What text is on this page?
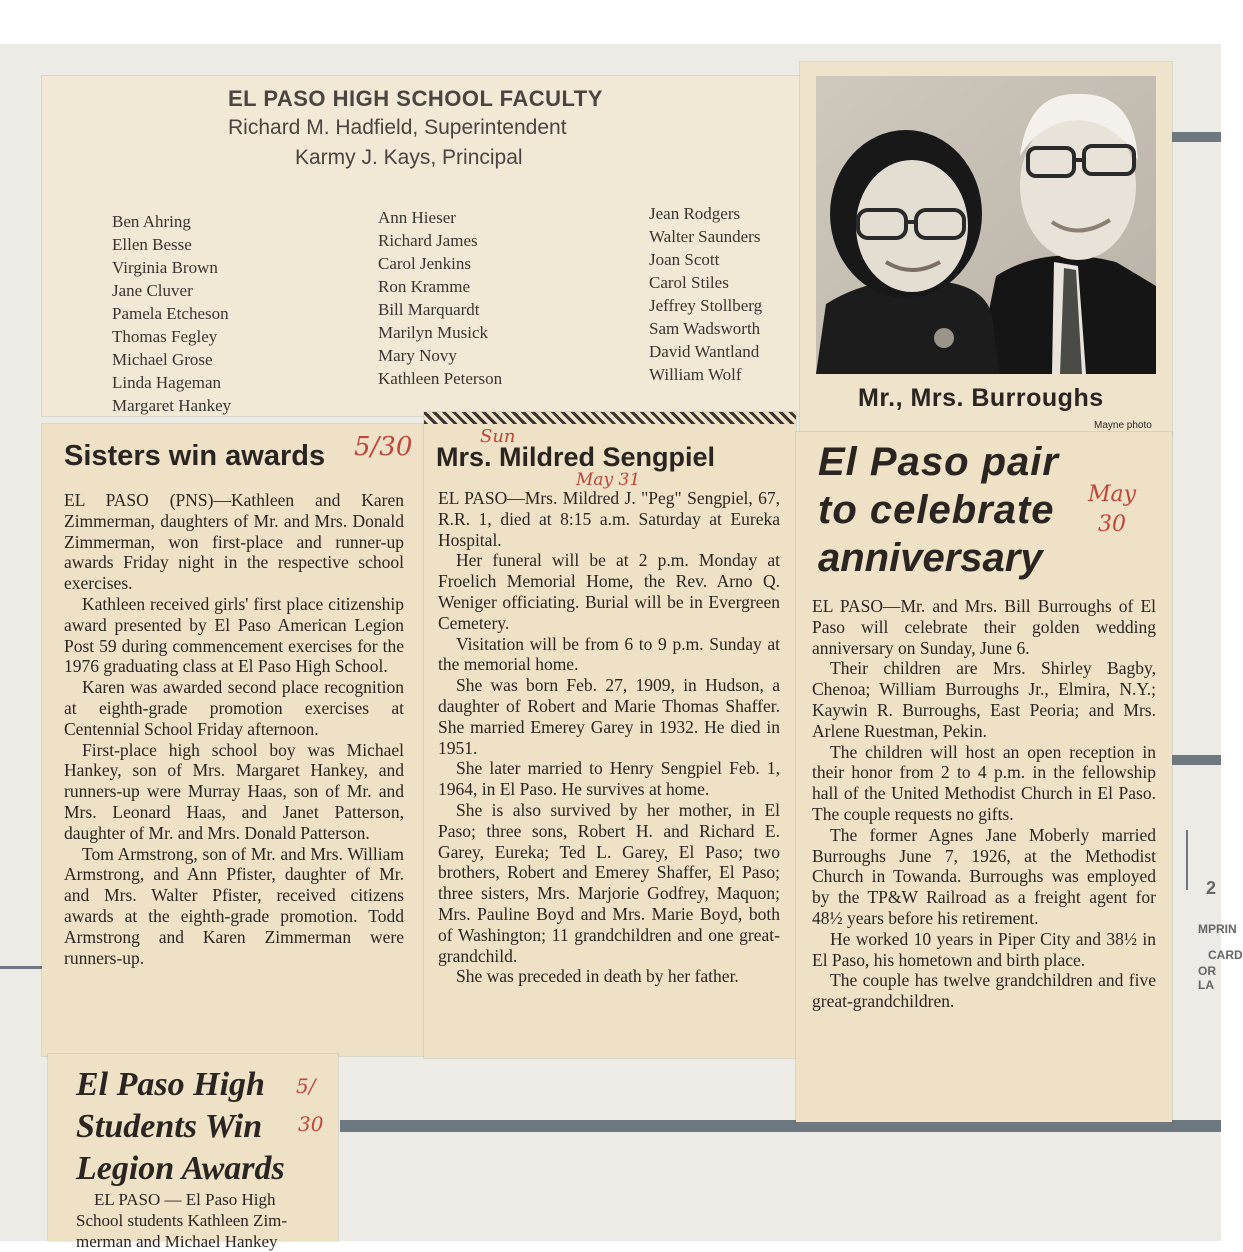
2
MPRIN
CARD
OR LA
EL PASO HIGH SCHOOL FACULTY
Richard M. Hadfield, Superintendent
Karmy J. Kays, Principal
Ben Ahring
Ellen Besse
Virginia Brown
Jane Cluver
Pamela Etcheson
Thomas Fegley
Michael Grose
Linda Hageman
Margaret Hankey
Ann Hieser
Richard James
Carol Jenkins
Ron Kramme
Bill Marquardt
Marilyn Musick
Mary Novy
Kathleen Peterson
Jean Rodgers
Walter Saunders
Joan Scott
Carol Stiles
Jeffrey Stollberg
Sam Wadsworth
David Wantland
William Wolf
Mr., Mrs. Burroughs
Mayne photo
Sisters win awards 5/30
EL PASO (PNS)—Kathleen and Karen Zimmerman, daughters of Mr. and Mrs. Donald Zimmerman, won first-place and runner-up awards Friday night in the respective school exercises.
Kathleen received girls' first place citizenship award presented by El Paso American Legion Post 59 during commencement exercises for the 1976 graduating class at El Paso High School.
Karen was awarded second place recognition at eighth-grade promotion exercises at Centennial School Friday afternoon.
First-place high school boy was Michael Hankey, son of Mrs. Margaret Hankey, and runners-up were Murray Haas, son of Mr. and Mrs. Leonard Haas, and Janet Patterson, daughter of Mr. and Mrs. Donald Patterson.
Tom Armstrong, son of Mr. and Mrs. William Armstrong, and Ann Pfister, daughter of Mr. and Mrs. Walter Pfister, received citizens awards at the eighth-grade promotion. Todd Armstrong and Karen Zimmerman were runners-up.
Sun
Mrs. Mildred Sengpiel
May 31
EL PASO—Mrs. Mildred J. "Peg" Sengpiel, 67, R.R. 1, died at 8:15 a.m. Saturday at Eureka Hospital.
Her funeral will be at 2 p.m. Monday at Froelich Memorial Home, the Rev. Arno Q. Weniger officiating. Burial will be in Evergreen Cemetery.
Visitation will be from 6 to 9 p.m. Sunday at the memorial home.
She was born Feb. 27, 1909, in Hudson, a daughter of Robert and Marie Thomas Shaffer. She married Emerey Garey in 1932. He died in 1951.
She later married to Henry Sengpiel Feb. 1, 1964, in El Paso. He survives at home.
She is also survived by her mother, in El Paso; three sons, Robert H. and Richard E. Garey, Eureka; Ted L. Garey, El Paso; two brothers, Robert and Emerey Shaffer, El Paso; three sisters, Mrs. Marjorie Godfrey, Maquon; Mrs. Pauline Boyd and Mrs. Marie Boyd, both of Washington; 11 grandchildren and one great-grandchild.
She was preceded in death by her father.
El Paso pair
to celebrate
anniversary
May 30
EL PASO—Mr. and Mrs. Bill Burroughs of El Paso will celebrate their golden wedding anniversary on Sunday, June 6.
Their children are Mrs. Shirley Bagby, Chenoa; William Burroughs Jr., Elmira, N.Y.; Kaywin R. Burroughs, East Peoria; and Mrs. Arlene Ruestman, Pekin.
The children will host an open reception in their honor from 2 to 4 p.m. in the fellowship hall of the United Methodist Church in El Paso. The couple requests no gifts.
The former Agnes Jane Moberly married Burroughs June 7, 1926, at the Methodist Church in Towanda. Burroughs was employed by the TP&W Railroad as a freight agent for 48½ years before his retirement.
He worked 10 years in Piper City and 38½ in El Paso, his hometown and birth place.
The couple has twelve grandchildren and five great-grandchildren.
El Paso High
Students Win
Legion Awards
5/
30
EL PASO — El Paso High
School students Kathleen Zim-
merman and Michael Hankey
